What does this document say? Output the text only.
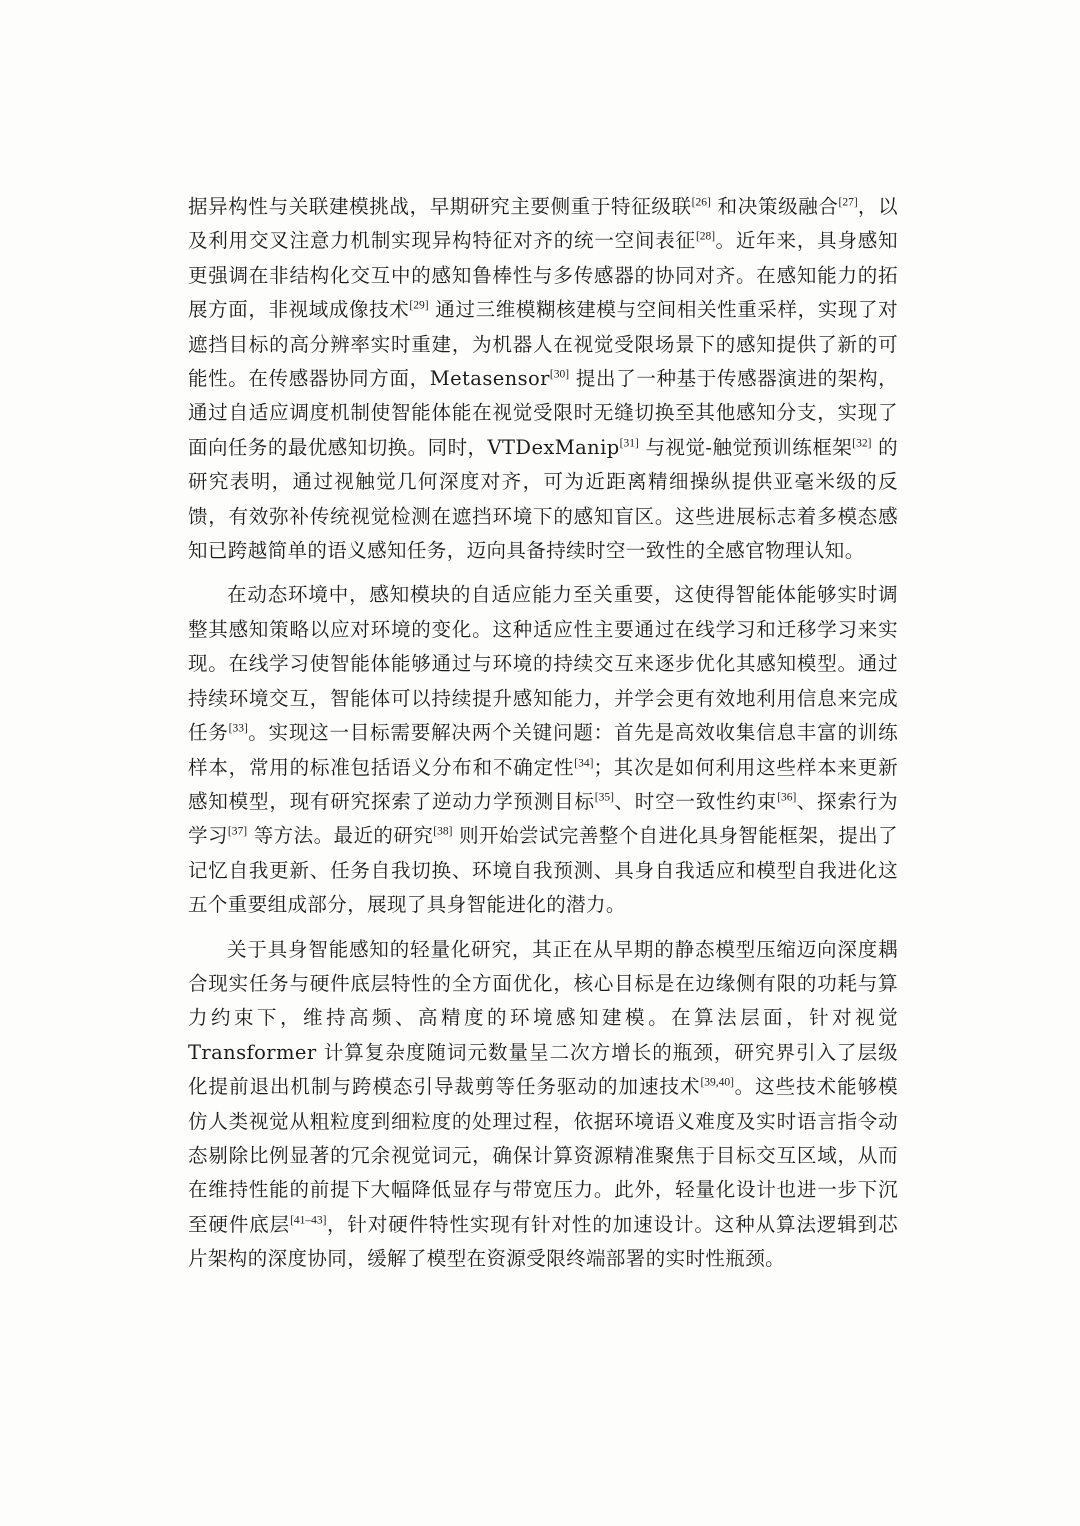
据异构性与关联建模挑战，早期研究主要侧重于特征级联[26] 和决策级融合[27]，以及利用交叉注意力机制实现异构特征对齐的统一空间表征[28]。近年来，具身感知更强调在非结构化交互中的感知鲁棒性与多传感器的协同对齐。在感知能力的拓展方面，非视域成像技术[29] 通过三维模糊核建模与空间相关性重采样，实现了对遮挡目标的高分辨率实时重建，为机器人在视觉受限场景下的感知提供了新的可能性。在传感器协同方面，Metasensor[30] 提出了一种基于传感器演进的架构，通过自适应调度机制使智能体能在视觉受限时无缝切换至其他感知分支，实现了面向任务的最优感知切换。同时，VTDexManip[31] 与视觉-触觉预训练框架[32] 的研究表明，通过视触觉几何深度对齐，可为近距离精细操纵提供亚毫米级的反馈，有效弥补传统视觉检测在遮挡环境下的感知盲区。这些进展标志着多模态感知已跨越简单的语义感知任务，迈向具备持续时空一致性的全感官物理认知。

在动态环境中，感知模块的自适应能力至关重要，这使得智能体能够实时调整其感知策略以应对环境的变化。这种适应性主要通过在线学习和迁移学习来实现。在线学习使智能体能够通过与环境的持续交互来逐步优化其感知模型。通过持续环境交互，智能体可以持续提升感知能力，并学会更有效地利用信息来完成任务[33]。实现这一目标需要解决两个关键问题：首先是高效收集信息丰富的训练样本，常用的标准包括语义分布和不确定性[34]；其次是如何利用这些样本来更新感知模型，现有研究探索了逆动力学预测目标[35]、时空一致性约束[36]、探索行为学习[37] 等方法。最近的研究[38] 则开始尝试完善整个自进化具身智能框架，提出了记忆自我更新、任务自我切换、环境自我预测、具身自我适应和模型自我进化这五个重要组成部分，展现了具身智能进化的潜力。

关于具身智能感知的轻量化研究，其正在从早期的静态模型压缩迈向深度耦合现实任务与硬件底层特性的全方面优化，核心目标是在边缘侧有限的功耗与算力约束下，维持高频、高精度的环境感知建模。在算法层面，针对视觉 Transformer 计算复杂度随词元数量呈二次方增长的瓶颈，研究界引入了层级化提前退出机制与跨模态引导裁剪等任务驱动的加速技术[39,40]。这些技术能够模仿人类视觉从粗粒度到细粒度的处理过程，依据环境语义难度及实时语言指令动态剔除比例显著的冗余视觉词元，确保计算资源精准聚焦于目标交互区域，从而在维持性能的前提下大幅降低显存与带宽压力。此外，轻量化设计也进一步下沉至硬件底层[41–43]，针对硬件特性实现有针对性的加速设计。这种从算法逻辑到芯片架构的深度协同，缓解了模型在资源受限终端部署的实时性瓶颈。
